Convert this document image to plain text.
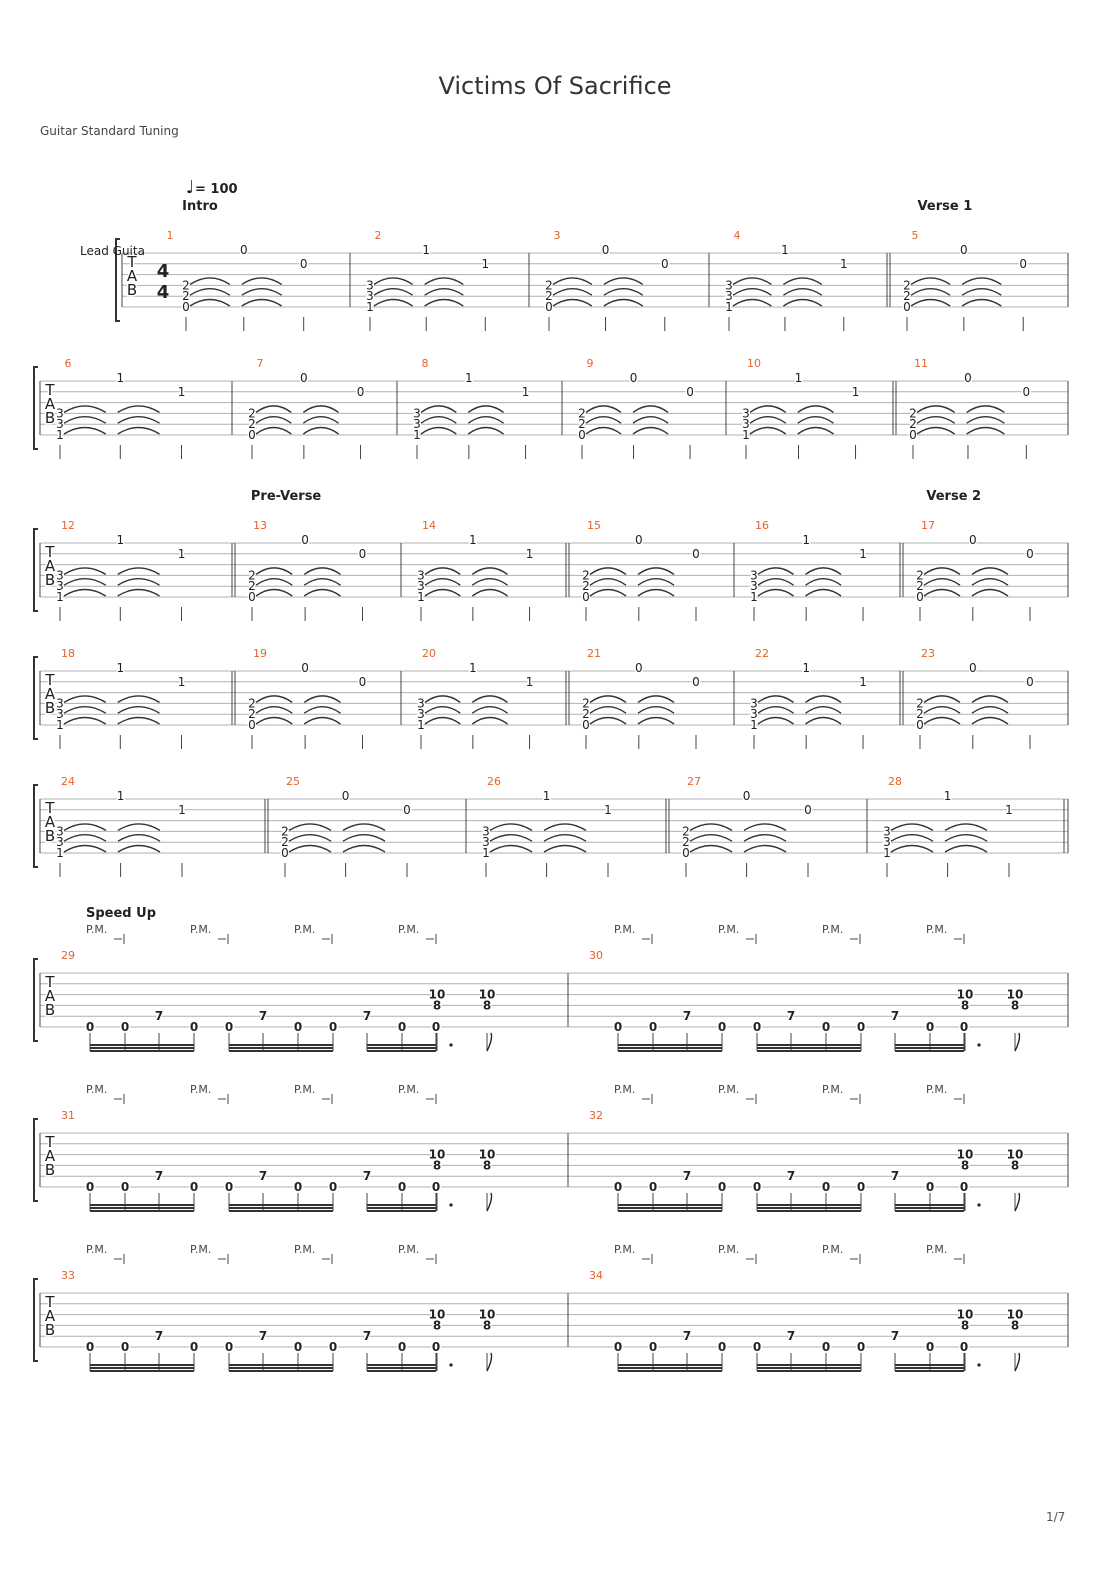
Victims Of Sacrifice
Guitar Standard Tuning
1/7
T
A
B
Lead Guita
4
4
♩ = 100
1
Intro
2
2
0
0
0
2
3
3
1
1
1
3
2
2
0
0
0
4
3
3
1
1
1
5
Verse 1
2
2
0
0
0
T
A
B
6
3
3
1
1
1
7
2
2
0
0
0
8
3
3
1
1
1
9
2
2
0
0
0
10
3
3
1
1
1
11
2
2
0
0
0
T
A
B
12
3
3
1
1
1
13
Pre-Verse
2
2
0
0
0
14
3
3
1
1
1
15
2
2
0
0
0
16
3
3
1
1
1
17
Verse 2
2
2
0
0
0
T
A
B
18
3
3
1
1
1
19
2
2
0
0
0
20
3
3
1
1
1
21
2
2
0
0
0
22
3
3
1
1
1
23
2
2
0
0
0
T
A
B
24
3
3
1
1
1
25
2
2
0
0
0
26
3
3
1
1
1
27
2
2
0
0
0
28
3
3
1
1
1
T
A
B
29
P.M.	P.M.	P.M.	P.M.
0 0
7
0 0
7
0 0
7
0 0
10
8
10
8
Speed Up
30
P.M.	P.M.	P.M.	P.M.
0 0
7
0 0
7
0 0
7
0 0
10
8
10
8
T
A
B
31
P.M.	P.M.	P.M.	P.M.
0 0
7
0 0
7
0 0
7
0 0
10
8
10
8
32
P.M.	P.M.	P.M.	P.M.
0 0
7
0 0
7
0 0
7
0 0
10
8
10
8
T
A
B
33
P.M.	P.M.	P.M.	P.M.
0 0
7
0 0
7
0 0
7
0 0
10
8
10
8
34
P.M.	P.M.	P.M.	P.M.
0 0
7
0 0
7
0 0
7
0 0
10
8
10
8
